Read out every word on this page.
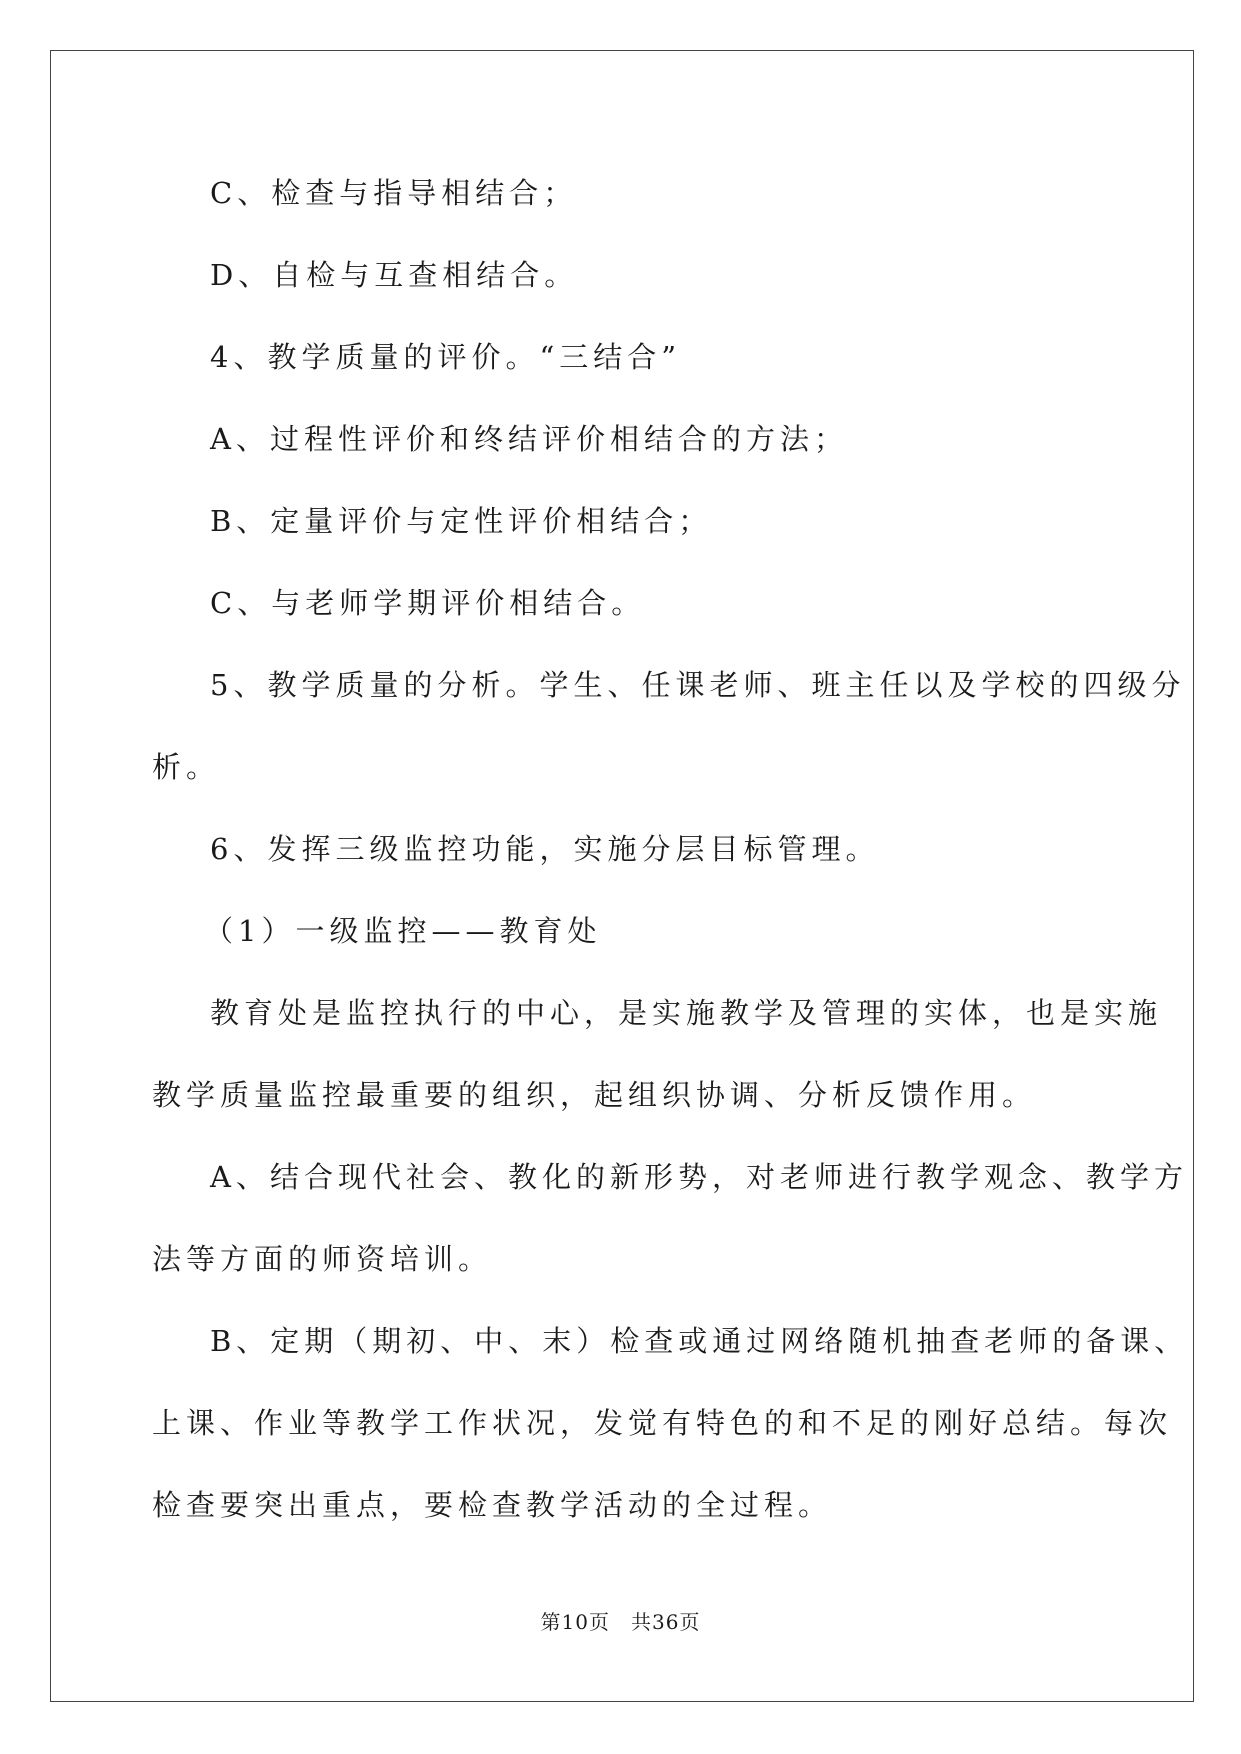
C、检查与指导相结合；
D、自检与互查相结合。
4、教学质量的评价。“三结合”
A、过程性评价和终结评价相结合的方法；
B、定量评价与定性评价相结合；
C、与老师学期评价相结合。
5、教学质量的分析。学生、任课老师、班主任以及学校的四级分
析。
6、发挥三级监控功能，实施分层目标管理。
（1）一级监控——教育处
教育处是监控执行的中心，是实施教学及管理的实体，也是实施
教学质量监控最重要的组织，起组织协调、分析反馈作用。
A、结合现代社会、教化的新形势，对老师进行教学观念、教学方
法等方面的师资培训。
B、定期（期初、中、末）检查或通过网络随机抽查老师的备课、
上课、作业等教学工作状况，发觉有特色的和不足的刚好总结。每次
检查要突出重点，要检查教学活动的全过程。
第10页　共36页
